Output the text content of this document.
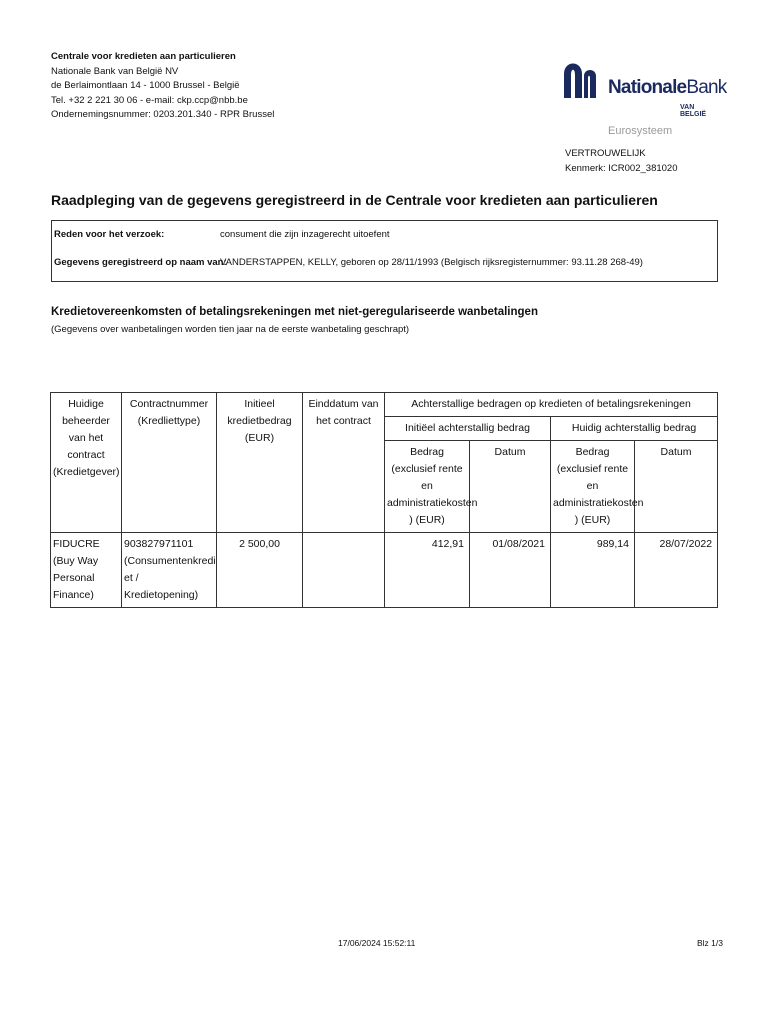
Centrale voor kredieten aan particulieren
Nationale Bank van België NV
de Berlaimontlaan 14 - 1000 Brussel - België
Tel. +32 2 221 30 06 - e-mail: ckp.ccp@nbb.be
Ondernemingsnummer: 0203.201.340 - RPR Brussel
NationaleBank
VAN BELGIË
Eurosysteem
VERTROUWELIJK
Kenmerk: ICR002_381020
Raadpleging van de gegevens geregistreerd in de Centrale voor kredieten aan particulieren
Reden voor het verzoek:	consument die zijn inzagerecht uitoefent
Gegevens geregistreerd op naam van:
VANDERSTAPPEN, KELLY, geboren op 28/11/1993 (Belgisch rijksregisternummer: 93.11.28 268-49)
Kredietovereenkomsten of betalingsrekeningen met niet-geregulariseerde wanbetalingen
(Gegevens over wanbetalingen worden tien jaar na de eerste wanbetaling geschrapt)
Huidige beheerder van het contract (Kredietgever)	Contractnummer (Kredliettype)	Initieel kredietbedrag (EUR)	Einddatum van het contract	Achterstallige bedragen op kredieten of betalingsrekeningen			
				Initiëel achterstallig bedrag		Huidig achterstallig bedrag	
				Bedrag (exclusief rente en administratiekosten ) (EUR)	Datum	Bedrag (exclusief rente en administratiekosten ) (EUR)	Datum
FIDUCRE (Buy Way Personal Finance)	903827971101 (Consumentenkredi et / Kredietopening)	2 500,00		412,91	01/08/2021	989,14	28/07/2022
17/06/2024 15:52:11	Blz 1/3
